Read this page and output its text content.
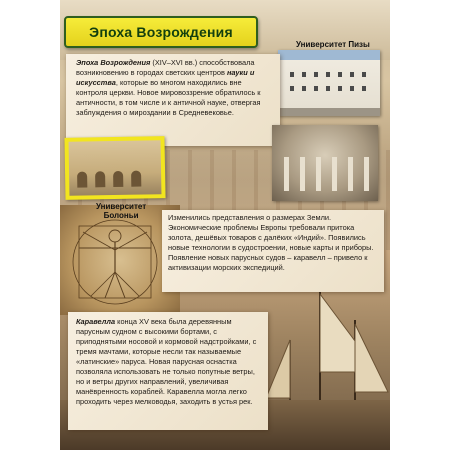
Эпоха Возрождения
Университет Пизы
Эпоха Возрождения (XIV–XVI вв.) способствовала возникновению в городах светских центров науки и искусства, которые во многом находились вне контроля церкви. Новое мировоззрение обратилось к античности, в том числе и к античной науке, отвергая заблуждения о мироздании в Средневековье.
Университет
Болоньи	Изменились представления о размерах Земли. Экономические проблемы Европы требовали притока золота, дешёвых товаров с далёких «Индий». Появились новые технологии в судостроении, новые карты и приборы. Появление новых парусных судов – каравелл – привело к активизации морских экспедиций.
Каравелла конца XV века была деревянным парусным судном с высокими бортами, с приподнятыми носовой и кормовой надстройками, с тремя мачтами, которые несли так называемые «латинские» паруса. Новая парусная оснастка позволяла использовать не только попутные ветры, но и ветры других направлений, увеличивая манёвренность кораблей. Каравелла могла легко проходить через мелководья, заходить в устья рек.
